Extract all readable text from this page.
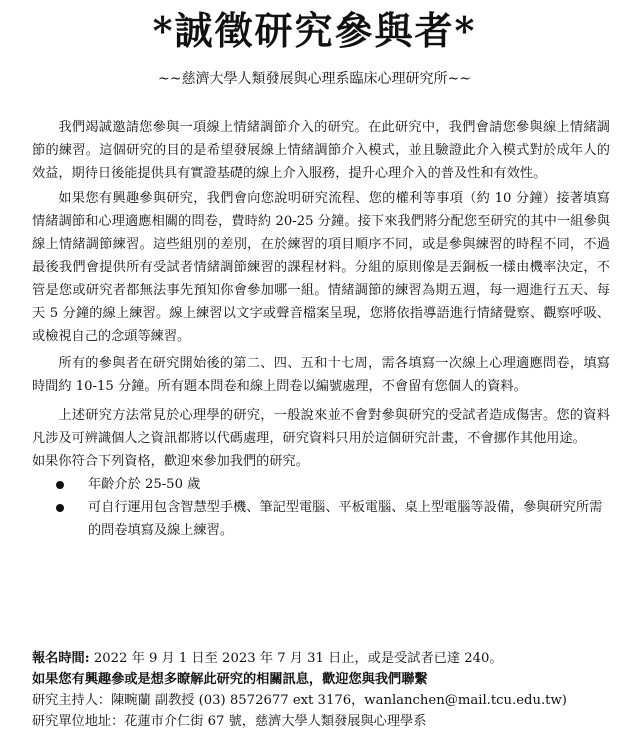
*誠徵研究參與者*
~~慈濟大學人類發展與心理系臨床心理研究所~~

我們竭誠邀請您參與一項線上情緒調節介入的研究。在此研究中，我們會請您參與線上情緒調節的練習。這個研究的目的是希望發展線上情緒調節介入模式，並且驗證此介入模式對於成年人的效益，期待日後能提供具有實證基礎的線上介入服務，提升心理介入的普及性和有效性。

如果您有興趣參與研究，我們會向您說明研究流程、您的權利等事項（約 10 分鐘）接著填寫情緒調節和心理適應相關的問卷，費時約 20-25 分鐘。接下來我們將分配您至研究的其中一組參與線上情緒調節練習。這些組別的差別，在於練習的項目順序不同，或是參與練習的時程不同，不過最後我們會提供所有受試者情緒調節練習的課程材料。分組的原則像是丟銅板一樣由機率決定，不管是您或研究者都無法事先預知你會參加哪一組。情緒調節的練習為期五週，每一週進行五天、每天 5 分鐘的線上練習。線上練習以文字或聲音檔案呈現，您將依指導語進行情緒覺察、觀察呼吸、或檢視自己的念頭等練習。

所有的參與者在研究開始後的第二、四、五和十七周，需各填寫一次線上心理適應問卷，填寫時間約 10-15 分鐘。所有題本問卷和線上問卷以編號處理，不會留有您個人的資料。

上述研究方法常見於心理學的研究，一般說來並不會對參與研究的受試者造成傷害。您的資料凡涉及可辨識個人之資訊都將以代碼處理，研究資料只用於這個研究計畫，不會挪作其他用途。

如果你符合下列資格，歡迎來參加我們的研究。

年齡介於 25-50 歲
可自行運用包含智慧型手機、筆記型電腦、平板電腦、桌上型電腦等設備，參與研究所需的問卷填寫及線上練習。
報名時間: 2022 年 9 月 1 日至 2023 年 7 月 31 日止，或是受試者已達 240。
如果您有興趣參或是想多瞭解此研究的相關訊息，歡迎您與我們聯繫
研究主持人：陳畹蘭 副教授 (03) 8572677 ext 3176，wanlanchen@mail.tcu.edu.tw)
研究單位地址：花蓮市介仁街 67 號，慈濟大學人類發展與心理學系
